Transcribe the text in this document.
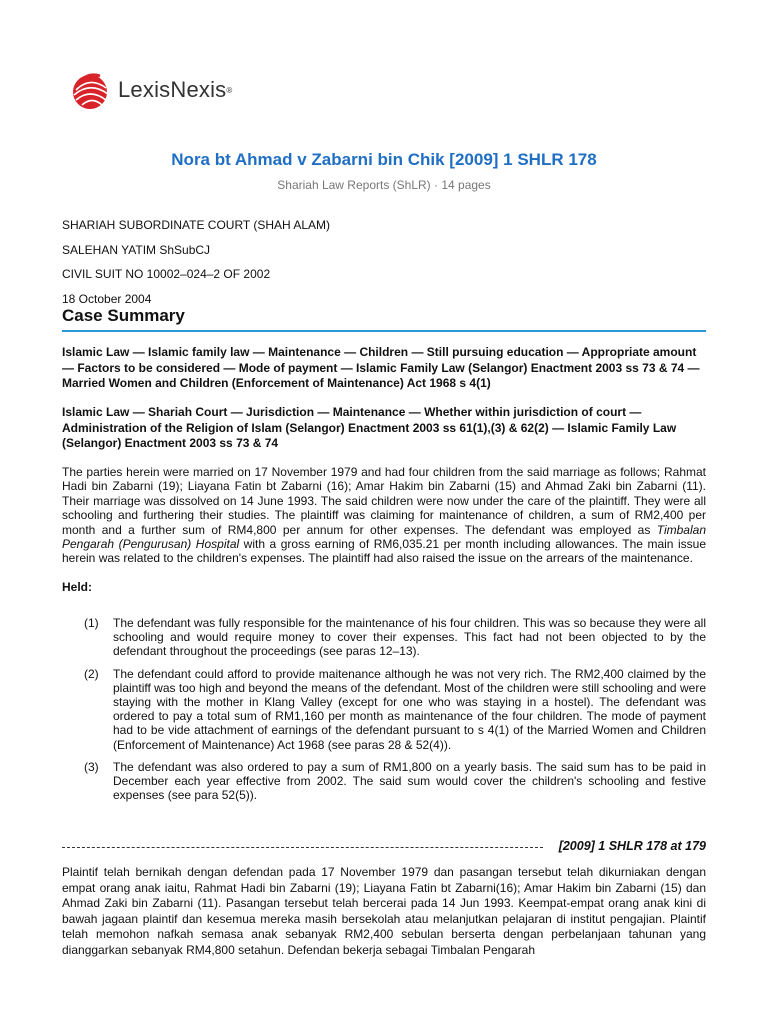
LexisNexis ®
Nora bt Ahmad v Zabarni bin Chik [2009] 1 SHLR 178
Shariah Law Reports (ShLR) · 14 pages
SHARIAH SUBORDINATE COURT (SHAH ALAM)
SALEHAN YATIM ShSubCJ
CIVIL SUIT NO 10002–024–2 OF 2002
18 October 2004
Case Summary
Islamic Law — Islamic family law — Maintenance — Children — Still pursuing education — Appropriate amount — Factors to be considered — Mode of payment — Islamic Family Law (Selangor) Enactment 2003 ss 73 & 74 — Married Women and Children (Enforcement of Maintenance) Act 1968 s 4(1)
Islamic Law — Shariah Court — Jurisdiction — Maintenance — Whether within jurisdiction of court — Administration of the Religion of Islam (Selangor) Enactment 2003 ss 61(1),(3) & 62(2) — Islamic Family Law (Selangor) Enactment 2003 ss 73 & 74
The parties herein were married on 17 November 1979 and had four children from the said marriage as follows; Rahmat Hadi bin Zabarni (19); Liayana Fatin bt Zabarni (16); Amar Hakim bin Zabarni (15) and Ahmad Zaki bin Zabarni (11). Their marriage was dissolved on 14 June 1993. The said children were now under the care of the plaintiff. They were all schooling and furthering their studies. The plaintiff was claiming for maintenance of children, a sum of RM2,400 per month and a further sum of RM4,800 per annum for other expenses. The defendant was employed as Timbalan Pengarah (Pengurusan) Hospital with a gross earning of RM6,035.21 per month including allowances. The main issue herein was related to the children's expenses. The plaintiff had also raised the issue on the arrears of the maintenance.
Held:
(1)	The defendant was fully responsible for the maintenance of his four children. This was so because they were all schooling and would require money to cover their expenses. This fact had not been objected to by the defendant throughout the proceedings (see paras 12–13).
(2)	The defendant could afford to provide maitenance although he was not very rich. The RM2,400 claimed by the plaintiff was too high and beyond the means of the defendant. Most of the children were still schooling and were staying with the mother in Klang Valley (except for one who was staying in a hostel). The defendant was ordered to pay a total sum of RM1,160 per month as maintenance of the four children. The mode of payment had to be vide attachment of earnings of the defendant pursuant to s 4(1) of the Married Women and Children (Enforcement of Maintenance) Act 1968 (see paras 28 & 52(4)).
(3)	The defendant was also ordered to pay a sum of RM1,800 on a yearly basis. The said sum has to be paid in December each year effective from 2002. The said sum would cover the children's schooling and festive expenses (see para 52(5)).
[2009] 1 SHLR 178 at 179
Plaintif telah bernikah dengan defendan pada 17 November 1979 dan pasangan tersebut telah dikurniakan dengan empat orang anak iaitu, Rahmat Hadi bin Zabarni (19); Liayana Fatin bt Zabarni(16); Amar Hakim bin Zabarni (15) dan Ahmad Zaki bin Zabarni (11). Pasangan tersebut telah bercerai pada 14 Jun 1993. Keempat-empat orang anak kini di bawah jagaan plaintif dan kesemua mereka masih bersekolah atau melanjutkan pelajaran di institut pengajian. Plaintif telah memohon nafkah semasa anak sebanyak RM2,400 sebulan berserta dengan perbelanjaan tahunan yang dianggarkan sebanyak RM4,800 setahun. Defendan bekerja sebagai Timbalan Pengarah
